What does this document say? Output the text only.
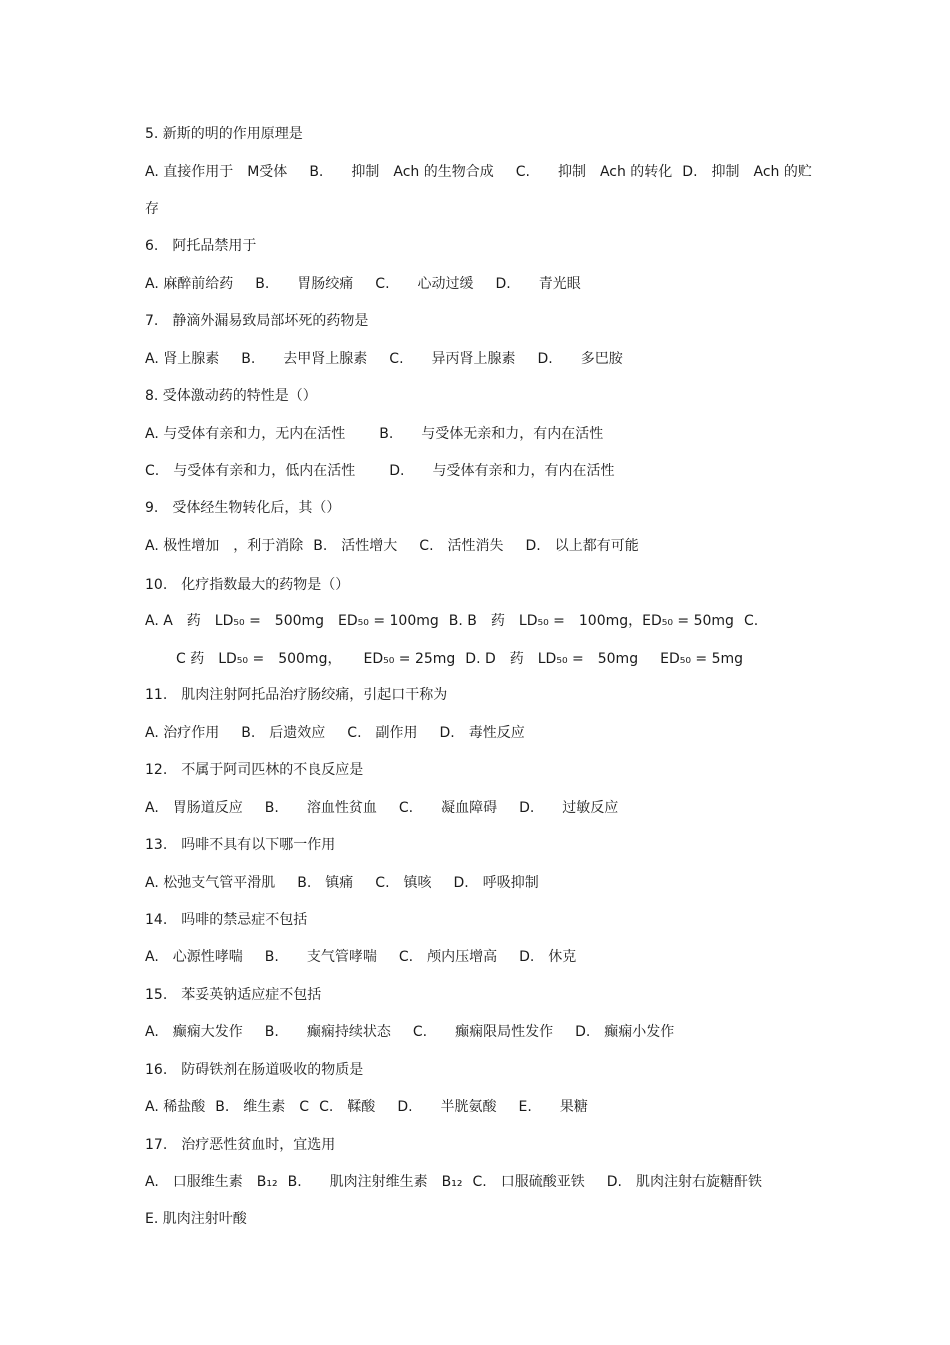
5. 新斯的明的作用原理是
A. 直接作用于　M受体 B.　　抑制　Ach 的生物合成 C.　　抑制　Ach 的转化 D.　抑制　Ach 的贮
存
6.　阿托品禁用于
A. 麻醉前给药 B.　　胃肠绞痛 C.　　心动过缓 D.　　青光眼
7.　静滴外漏易致局部坏死的药物是
A. 肾上腺素 B.　　去甲肾上腺素 C.　　异丙肾上腺素 D.　　多巴胺
8. 受体激动药的特性是（）
A. 与受体有亲和力，无内在活性 B.　　与受体无亲和力，有内在活性
C.　与受体有亲和力，低内在活性 D.　　与受体有亲和力，有内在活性
9.　受体经生物转化后，其（）
A. 极性增加　，利于消除 B.　活性增大 C.　活性消失 D.　以上都有可能
10.　化疗指数最大的药物是（）
A. A　药　LD₅₀ =　500mg　ED₅₀ = 100mg B. B　药　LD₅₀ =　100mg，ED₅₀ = 50mg C.
C 药　LD₅₀ =　500mg， ED₅₀ = 25mg D. D　药　LD₅₀ =　50mg ED₅₀ = 5mg
11.　肌肉注射阿托品治疗肠绞痛，引起口干称为
A. 治疗作用 B.　后遗效应 C.　副作用 D.　毒性反应
12.　不属于阿司匹林的不良反应是
A.　胃肠道反应 B.　　溶血性贫血 C.　　凝血障碍 D.　　过敏反应
13.　吗啡不具有以下哪一作用
A. 松弛支气管平滑肌 B.　镇痛 C.　镇咳 D.　呼吸抑制
14.　吗啡的禁忌症不包括
A.　心源性哮喘 B.　　支气管哮喘 C.　颅内压增高 D.　休克
15.　苯妥英钠适应症不包括
A.　癫痫大发作 B.　　癫痫持续状态 C.　　癫痫限局性发作 D.　癫痫小发作
16.　防碍铁剂在肠道吸收的物质是
A. 稀盐酸 B.　维生素　C C.　鞣酸 D.　　半胱氨酸 E.　　果糖
17.　治疗恶性贫血时，宜选用
A.　口服维生素　B₁₂ B.　　肌肉注射维生素　B₁₂ C.　口服硫酸亚铁 D.　肌肉注射右旋糖酐铁
E. 肌肉注射叶酸
